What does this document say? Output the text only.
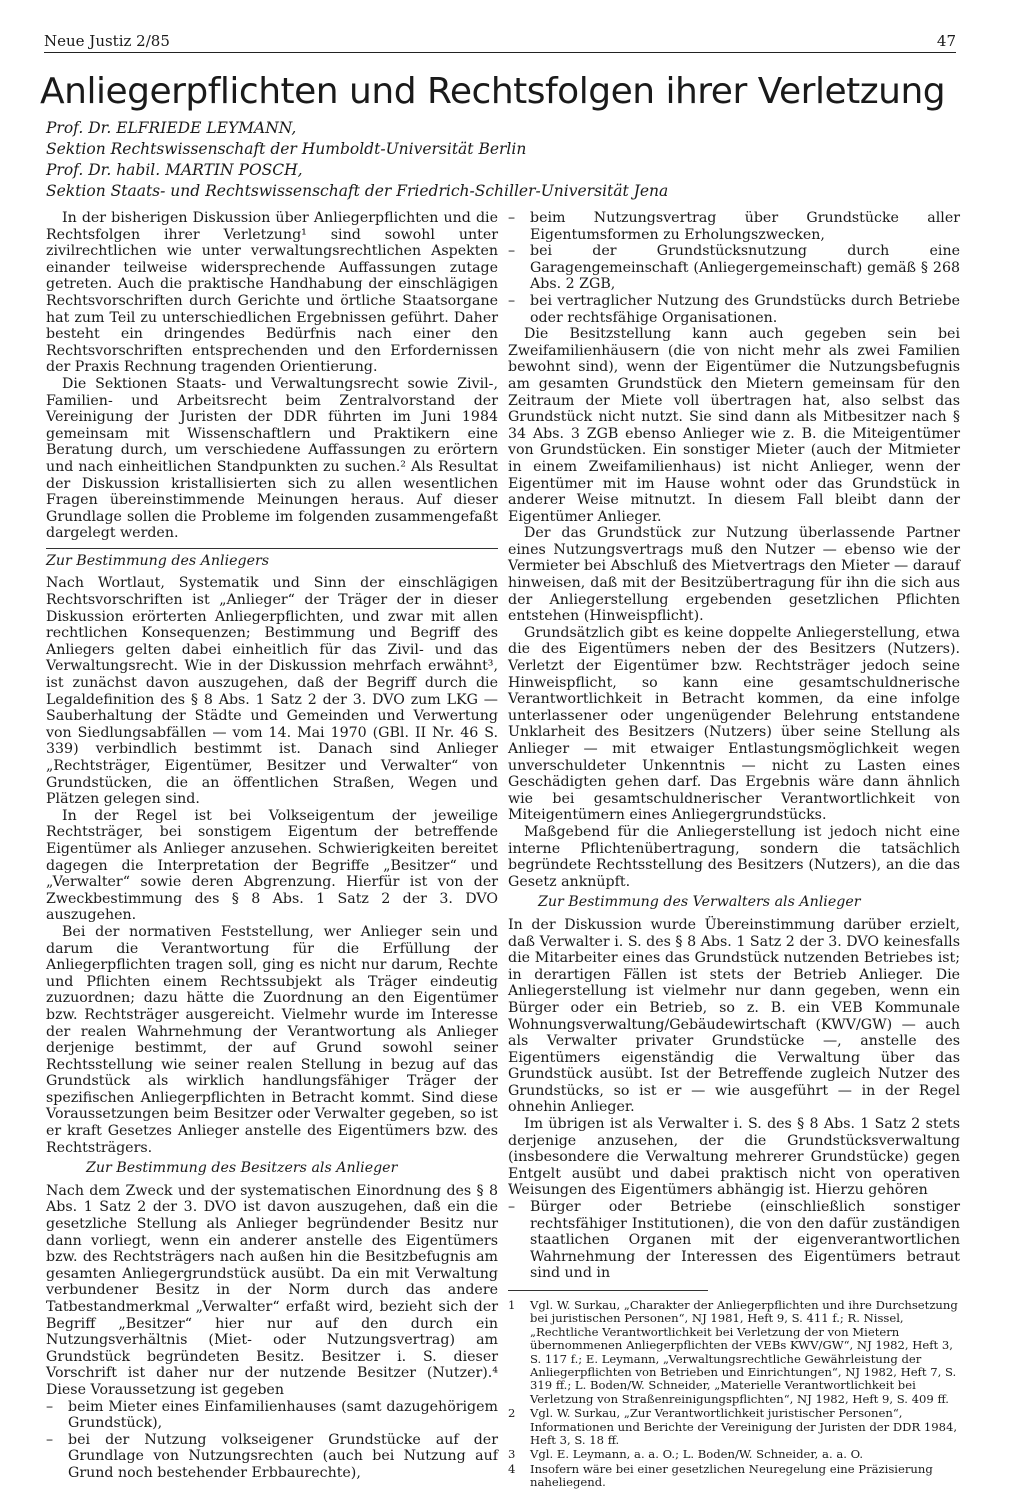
Neue Justiz 2/85	47
Anliegerpflichten und Rechtsfolgen ihrer Verletzung
Prof. Dr. ELFRIEDE LEYMANN,
Sektion Rechtswissenschaft der Humboldt-Universität Berlin
Prof. Dr. habil. MARTIN POSCH,
Sektion Staats- und Rechtswissenschaft der Friedrich-Schiller-Universität Jena

In der bisherigen Diskussion über Anliegerpflichten und die Rechtsfolgen ihrer Verletzung¹ sind sowohl unter zivilrechtlichen wie unter verwaltungsrechtlichen Aspekten einander teilweise widersprechende Auffassungen zutage getreten. Auch die praktische Handhabung der einschlägigen Rechtsvorschriften durch Gerichte und örtliche Staatsorgane hat zum Teil zu unterschiedlichen Ergebnissen geführt. Daher besteht ein dringendes Bedürfnis nach einer den Rechtsvorschriften entsprechenden und den Erfordernissen der Praxis Rechnung tragenden Orientierung.

Die Sektionen Staats- und Verwaltungsrecht sowie Zivil-, Familien- und Arbeitsrecht beim Zentralvorstand der Vereinigung der Juristen der DDR führten im Juni 1984 gemeinsam mit Wissenschaftlern und Praktikern eine Beratung durch, um verschiedene Auffassungen zu erörtern und nach einheitlichen Standpunkten zu suchen.² Als Resultat der Diskussion kristallisierten sich zu allen wesentlichen Fragen übereinstimmende Meinungen heraus. Auf dieser Grundlage sollen die Probleme im folgenden zusammengefaßt dargelegt werden.

Zur Bestimmung des Anliegers

Nach Wortlaut, Systematik und Sinn der einschlägigen Rechtsvorschriften ist „Anlieger“ der Träger der in dieser Diskussion erörterten Anliegerpflichten, und zwar mit allen rechtlichen Konsequenzen; Bestimmung und Begriff des Anliegers gelten dabei einheitlich für das Zivil- und das Verwaltungsrecht. Wie in der Diskussion mehrfach erwähnt³, ist zunächst davon auszugehen, daß der Begriff durch die Legaldefinition des § 8 Abs. 1 Satz 2 der 3. DVO zum LKG — Sauberhaltung der Städte und Gemeinden und Verwertung von Siedlungsabfällen — vom 14. Mai 1970 (GBl. II Nr. 46 S. 339) verbindlich bestimmt ist. Danach sind Anlieger „Rechtsträger, Eigentümer, Besitzer und Verwalter“ von Grundstücken, die an öffentlichen Straßen, Wegen und Plätzen gelegen sind.

In der Regel ist bei Volkseigentum der jeweilige Rechtsträger, bei sonstigem Eigentum der betreffende Eigentümer als Anlieger anzusehen. Schwierigkeiten bereitet dagegen die Interpretation der Begriffe „Besitzer“ und „Verwalter“ sowie deren Abgrenzung. Hierfür ist von der Zweckbestimmung des § 8 Abs. 1 Satz 2 der 3. DVO auszugehen.

Bei der normativen Feststellung, wer Anlieger sein und darum die Verantwortung für die Erfüllung der Anliegerpflichten tragen soll, ging es nicht nur darum, Rechte und Pflichten einem Rechtssubjekt als Träger eindeutig zuzuordnen; dazu hätte die Zuordnung an den Eigentümer bzw. Rechtsträger ausgereicht. Vielmehr wurde im Interesse der realen Wahrnehmung der Verantwortung als Anlieger derjenige bestimmt, der auf Grund sowohl seiner Rechtsstellung wie seiner realen Stellung in bezug auf das Grundstück als wirklich handlungsfähiger Träger der spezifischen Anliegerpflichten in Betracht kommt. Sind diese Voraussetzungen beim Besitzer oder Verwalter gegeben, so ist er kraft Gesetzes Anlieger anstelle des Eigentümers bzw. des Rechtsträgers.

Zur Bestimmung des Besitzers als Anlieger

Nach dem Zweck und der systematischen Einordnung des § 8 Abs. 1 Satz 2 der 3. DVO ist davon auszugehen, daß ein die gesetzliche Stellung als Anlieger begründender Besitz nur dann vorliegt, wenn ein anderer anstelle des Eigentümers bzw. des Rechtsträgers nach außen hin die Besitzbefugnis am gesamten Anliegergrundstück ausübt. Da ein mit Verwaltung verbundener Besitz in der Norm durch das andere Tatbestandmerkmal „Verwalter“ erfaßt wird, bezieht sich der Begriff „Besitzer“ hier nur auf den durch ein Nutzungsverhältnis (Miet- oder Nutzungsvertrag) am Grundstück begründeten Besitz. Besitzer i. S. dieser Vorschrift ist daher nur der nutzende Besitzer (Nutzer).⁴ Diese Voraussetzung ist gegeben

– beim Mieter eines Einfamilienhauses (samt dazugehörigem Grundstück),
– bei der Nutzung volkseigener Grundstücke auf der Grundlage von Nutzungsrechten (auch bei Nutzung auf Grund noch bestehender Erbbaurechte),
– beim Nutzungsvertrag über Grundstücke aller Eigentumsformen zu Erholungszwecken,
– bei der Grundstücksnutzung durch eine Garagengemeinschaft (Anliegergemeinschaft) gemäß § 268 Abs. 2 ZGB,
– bei vertraglicher Nutzung des Grundstücks durch Betriebe oder rechtsfähige Organisationen.

Die Besitzstellung kann auch gegeben sein bei Zweifamilienhäusern (die von nicht mehr als zwei Familien bewohnt sind), wenn der Eigentümer die Nutzungsbefugnis am gesamten Grundstück den Mietern gemeinsam für den Zeitraum der Miete voll übertragen hat, also selbst das Grundstück nicht nutzt. Sie sind dann als Mitbesitzer nach § 34 Abs. 3 ZGB ebenso Anlieger wie z. B. die Miteigentümer von Grundstücken. Ein sonstiger Mieter (auch der Mitmieter in einem Zweifamilienhaus) ist nicht Anlieger, wenn der Eigentümer mit im Hause wohnt oder das Grundstück in anderer Weise mitnutzt. In diesem Fall bleibt dann der Eigentümer Anlieger.

Der das Grundstück zur Nutzung überlassende Partner eines Nutzungsvertrags muß den Nutzer — ebenso wie der Vermieter bei Abschluß des Mietvertrags den Mieter — darauf hinweisen, daß mit der Besitzübertragung für ihn die sich aus der Anliegerstellung ergebenden gesetzlichen Pflichten entstehen (Hinweispflicht).

Grundsätzlich gibt es keine doppelte Anliegerstellung, etwa die des Eigentümers neben der des Besitzers (Nutzers). Verletzt der Eigentümer bzw. Rechtsträger jedoch seine Hinweispflicht, so kann eine gesamtschuldnerische Verantwortlichkeit in Betracht kommen, da eine infolge unterlassener oder ungenügender Belehrung entstandene Unklarheit des Besitzers (Nutzers) über seine Stellung als Anlieger — mit etwaiger Entlastungsmöglichkeit wegen unverschuldeter Unkenntnis — nicht zu Lasten eines Geschädigten gehen darf. Das Ergebnis wäre dann ähnlich wie bei gesamtschuldnerischer Verantwortlichkeit von Miteigentümern eines Anliegergrundstücks.

Maßgebend für die Anliegerstellung ist jedoch nicht eine interne Pflichtenübertragung, sondern die tatsächlich begründete Rechtsstellung des Besitzers (Nutzers), an die das Gesetz anknüpft.

Zur Bestimmung des Verwalters als Anlieger

In der Diskussion wurde Übereinstimmung darüber erzielt, daß Verwalter i. S. des § 8 Abs. 1 Satz 2 der 3. DVO keinesfalls die Mitarbeiter eines das Grundstück nutzenden Betriebes ist; in derartigen Fällen ist stets der Betrieb Anlieger. Die Anliegerstellung ist vielmehr nur dann gegeben, wenn ein Bürger oder ein Betrieb, so z. B. ein VEB Kommunale Wohnungsverwaltung/Gebäudewirtschaft (KWV/GW) — auch als Verwalter privater Grundstücke —, anstelle des Eigentümers eigenständig die Verwaltung über das Grundstück ausübt. Ist der Betreffende zugleich Nutzer des Grundstücks, so ist er — wie ausgeführt — in der Regel ohnehin Anlieger.

Im übrigen ist als Verwalter i. S. des § 8 Abs. 1 Satz 2 stets derjenige anzusehen, der die Grundstücksverwaltung (insbesondere die Verwaltung mehrerer Grundstücke) gegen Entgelt ausübt und dabei praktisch nicht von operativen Weisungen des Eigentümers abhängig ist. Hierzu gehören

– Bürger oder Betriebe (einschließlich sonstiger rechtsfähiger Institutionen), die von den dafür zuständigen staatlichen Organen mit der eigenverantwortlichen Wahrnehmung der Interessen des Eigentümers betraut sind und in
1 Vgl. W. Surkau, „Charakter der Anliegerpflichten und ihre Durchsetzung bei juristischen Personen“, NJ 1981, Heft 9, S. 411 f.; R. Nissel, „Rechtliche Verantwortlichkeit bei Verletzung der von Mietern übernommenen Anliegerpflichten der VEBs KWV/GW“, NJ 1982, Heft 3, S. 117 f.; E. Leymann, „Verwaltungsrechtliche Gewährleistung der Anliegerpflichten von Betrieben und Einrichtungen“, NJ 1982, Heft 7, S. 319 ff.; L. Boden/W. Schneider, „Materielle Verantwortlichkeit bei Verletzung von Straßenreinigungspflichten“, NJ 1982, Heft 9, S. 409 ff.
2 Vgl. W. Surkau, „Zur Verantwortlichkeit juristischer Personen“, Informationen und Berichte der Vereinigung der Juristen der DDR 1984, Heft 3, S. 18 ff.
3 Vgl. E. Leymann, a. a. O.; L. Boden/W. Schneider, a. a. O.
4 Insofern wäre bei einer gesetzlichen Neuregelung eine Präzisierung naheliegend.
